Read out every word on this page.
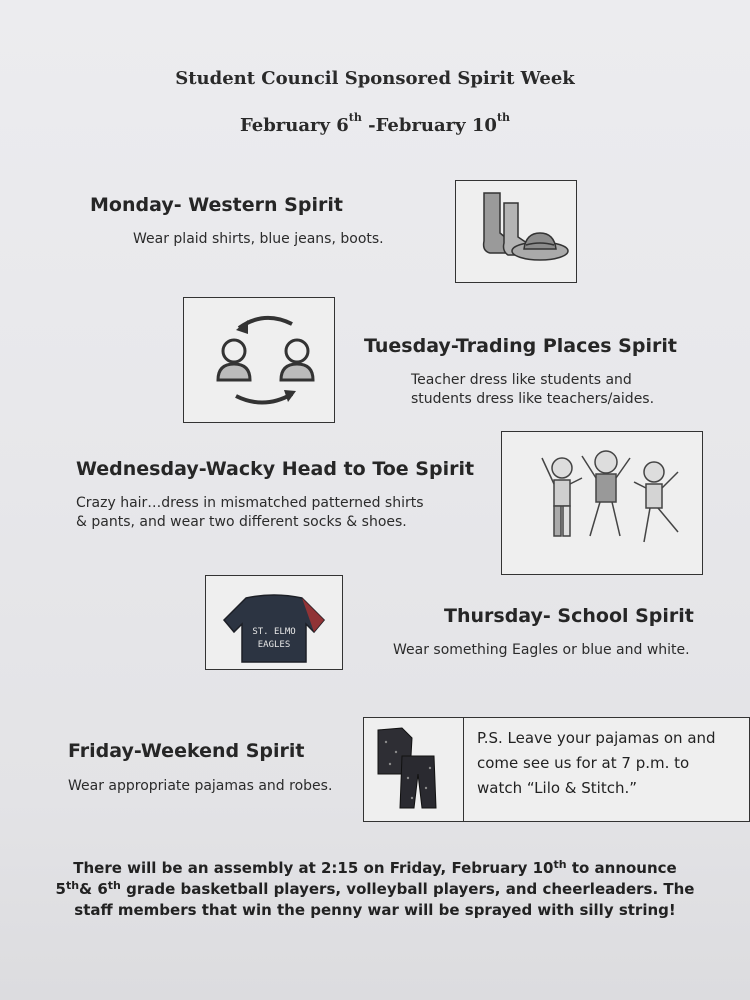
Student Council Sponsored Spirit Week
February 6th -February 10th
Monday- Western Spirit
Wear plaid shirts, blue jeans, boots.
Tuesday-Trading Places Spirit
Teacher dress like students and
students dress like teachers/aides.
Wednesday-Wacky Head to Toe Spirit
Crazy hair…dress in mismatched patterned shirts
& pants, and wear two different socks & shoes.
ST. ELMO
EAGLES
Thursday- School Spirit
Wear something Eagles or blue and white.
Friday-Weekend Spirit
Wear appropriate pajamas and robes.
P.S. Leave your pajamas on and
come see us for at 7 p.m. to
watch “Lilo & Stitch.”
There will be an assembly at 2:15 on Friday, February 10th to announce
5th& 6th grade basketball players, volleyball players, and cheerleaders. The
staff members that win the penny war will be sprayed with silly string!
